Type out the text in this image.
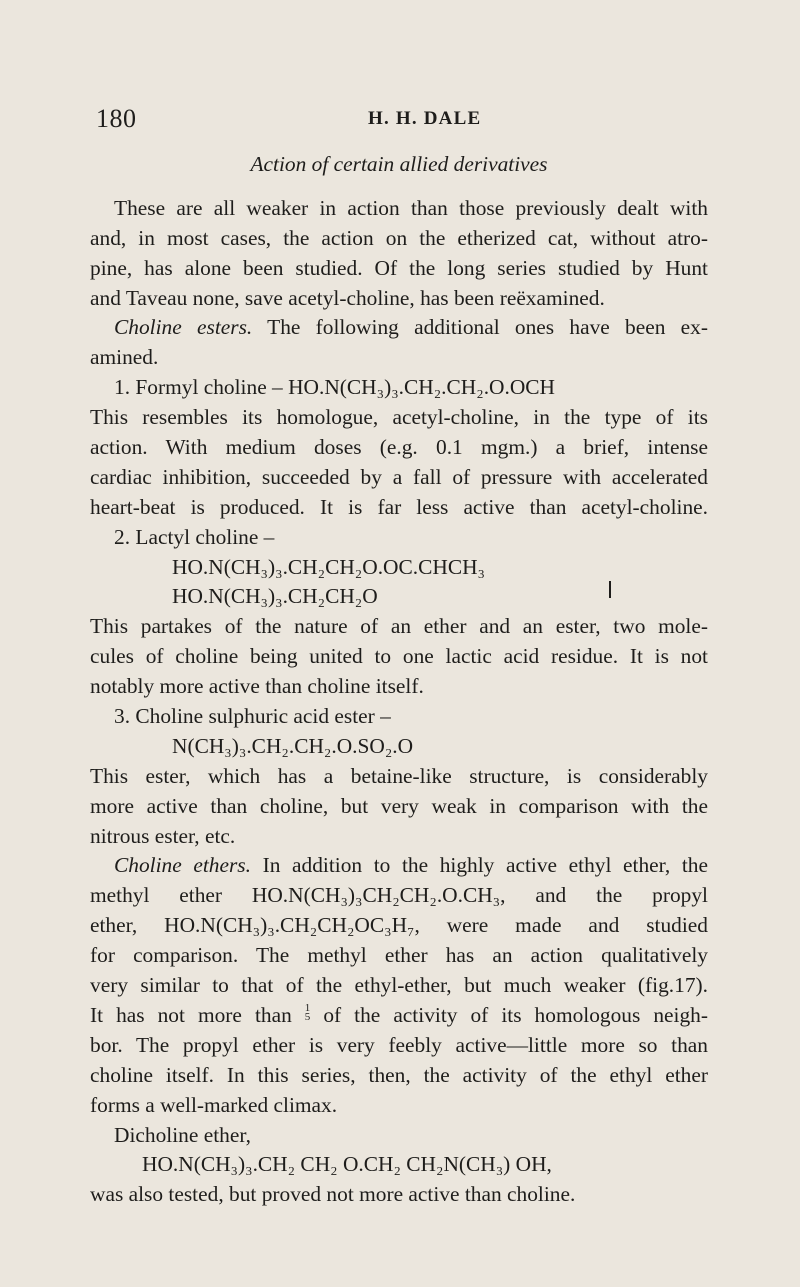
180	H. H. DALE
Action of certain allied derivatives
These are all weaker in action than those previously dealt with
and, in most cases, the action on the etherized cat, without atro-
pine, has alone been studied. Of the long series studied by Hunt
and Taveau none, save acetyl-choline, has been reëxamined.
Choline esters. The following additional ones have been ex-
amined.
1. Formyl choline – HO.N(CH₃)₃.CH₂.CH₂.O.OCH
This resembles its homologue, acetyl-choline, in the type of its
action. With medium doses (e.g. 0.1 mgm.) a brief, intense
cardiac inhibition, succeeded by a fall of pressure with accelerated
heart-beat is produced. It is far less active than acetyl-choline.
2. Lactyl choline –
HO.N(CH₃)₃.CH₂CH₂O.OC.CHCH₃
HO.N(CH₃)₃.CH₂CH₂O
This partakes of the nature of an ether and an ester, two mole-
cules of choline being united to one lactic acid residue. It is not
notably more active than choline itself.
3. Choline sulphuric acid ester –
N(CH₃)₃.CH₂.CH₂.O.SO₂.O
This ester, which has a betaine-like structure, is considerably
more active than choline, but very weak in comparison with the
nitrous ester, etc.
Choline ethers. In addition to the highly active ethyl ether, the
methyl ether HO.N(CH₃)₃CH₂CH₂.O.CH₃, and the propyl
ether, HO.N(CH₃)₃.CH₂CH₂OC₃H₇, were made and studied
for comparison. The methyl ether has an action qualitatively
very similar to that of the ethyl-ether, but much weaker (fig.17).
It has not more than 1
5 of the activity of its homologous neigh-
bor. The propyl ether is very feebly active—little more so than
choline itself. In this series, then, the activity of the ethyl ether
forms a well-marked climax.
Dicholine ether,
HO.N(CH₃)₃.CH₂ CH₂ O.CH₂ CH₂N(CH₃) OH,
was also tested, but proved not more active than choline.
